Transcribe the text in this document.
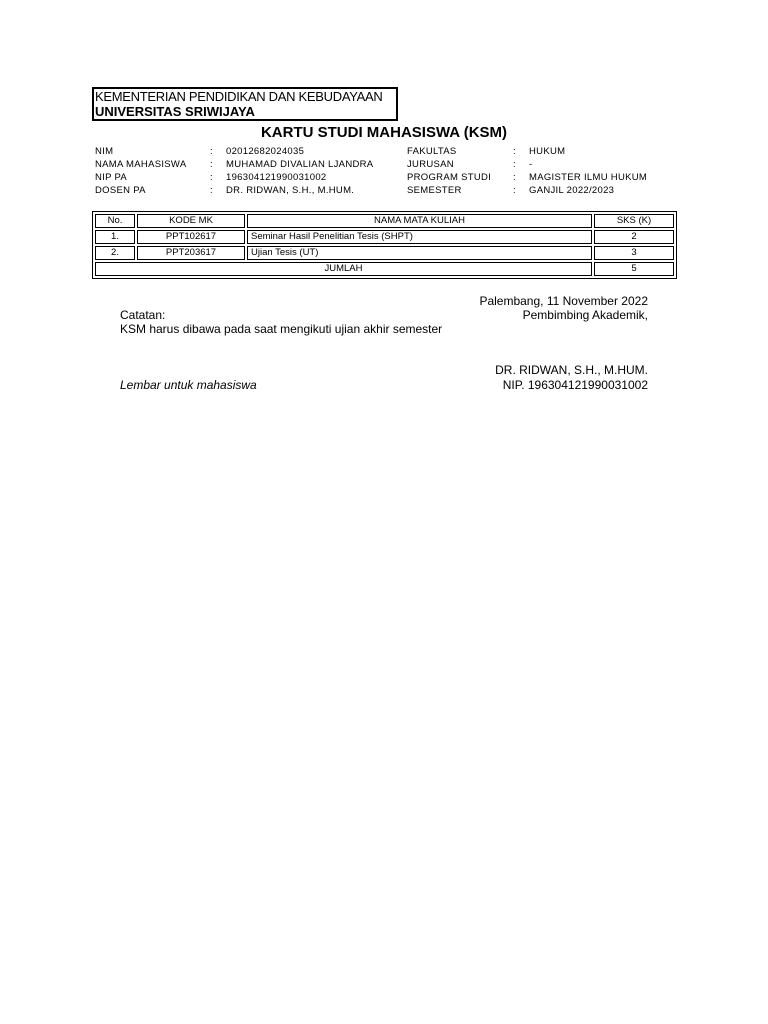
KEMENTERIAN PENDIDIKAN DAN KEBUDAYAAN
UNIVERSITAS SRIWIJAYA
KARTU STUDI MAHASISWA (KSM)
NIM	: 02012682024035
NAMA MAHASISWA : MUHAMAD DIVALIAN LJANDRA
NIP PA	: 196304121990031002
DOSEN PA	: DR. RIDWAN, S.H., M.HUM.
FAKULTAS	: HUKUM
JURUSAN	: -
PROGRAM STUDI : MAGISTER ILMU HUKUM
SEMESTER	: GANJIL 2022/2023
No.	KODE MK	NAMA MATA KULIAH	SKS (K)
1.	PPT102617	Seminar Hasil Penelitian Tesis (SHPT)	2
2.	PPT203617	Ujian Tesis (UT)	3
JUMLAH			5
Palembang, 11 November 2022
Catatan:	Pembimbing Akademik,
KSM harus dibawa pada saat mengikuti ujian akhir semester
DR. RIDWAN, S.H., M.HUM.
Lembar untuk mahasiswa	NIP. 196304121990031002
